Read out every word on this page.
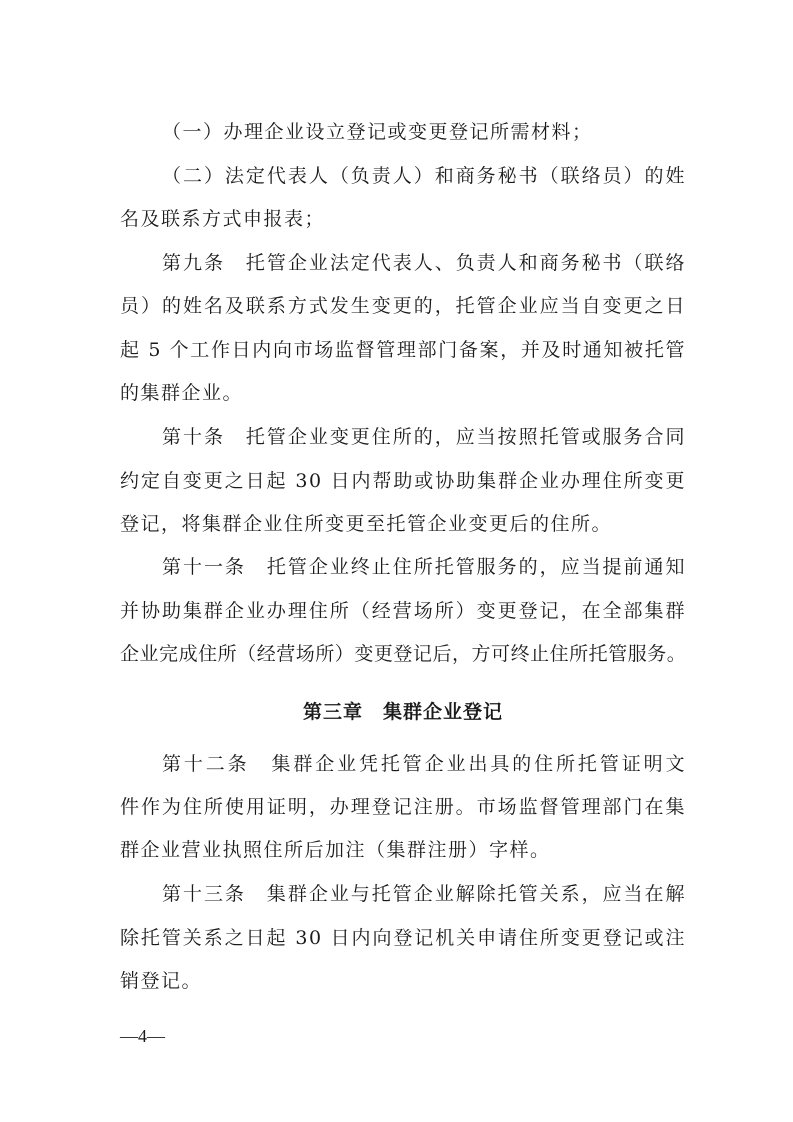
（一）办理企业设立登记或变更登记所需材料；
（二）法定代表人（负责人）和商务秘书（联络员）的姓
名及联系方式申报表；
第九条　托管企业法定代表人、负责人和商务秘书（联络
员）的姓名及联系方式发生变更的，托管企业应当自变更之日
起 5 个工作日内向市场监督管理部门备案，并及时通知被托管
的集群企业。
第十条　托管企业变更住所的，应当按照托管或服务合同
约定自变更之日起 30 日内帮助或协助集群企业办理住所变更
登记，将集群企业住所变更至托管企业变更后的住所。
第十一条　托管企业终止住所托管服务的，应当提前通知
并协助集群企业办理住所（经营场所）变更登记，在全部集群
企业完成住所（经营场所）变更登记后，方可终止住所托管服务。
第三章　集群企业登记
第十二条　集群企业凭托管企业出具的住所托管证明文
件作为住所使用证明，办理登记注册。市场监督管理部门在集
群企业营业执照住所后加注（集群注册）字样。
第十三条　集群企业与托管企业解除托管关系，应当在解
除托管关系之日起 30 日内向登记机关申请住所变更登记或注
销登记。
—4—
